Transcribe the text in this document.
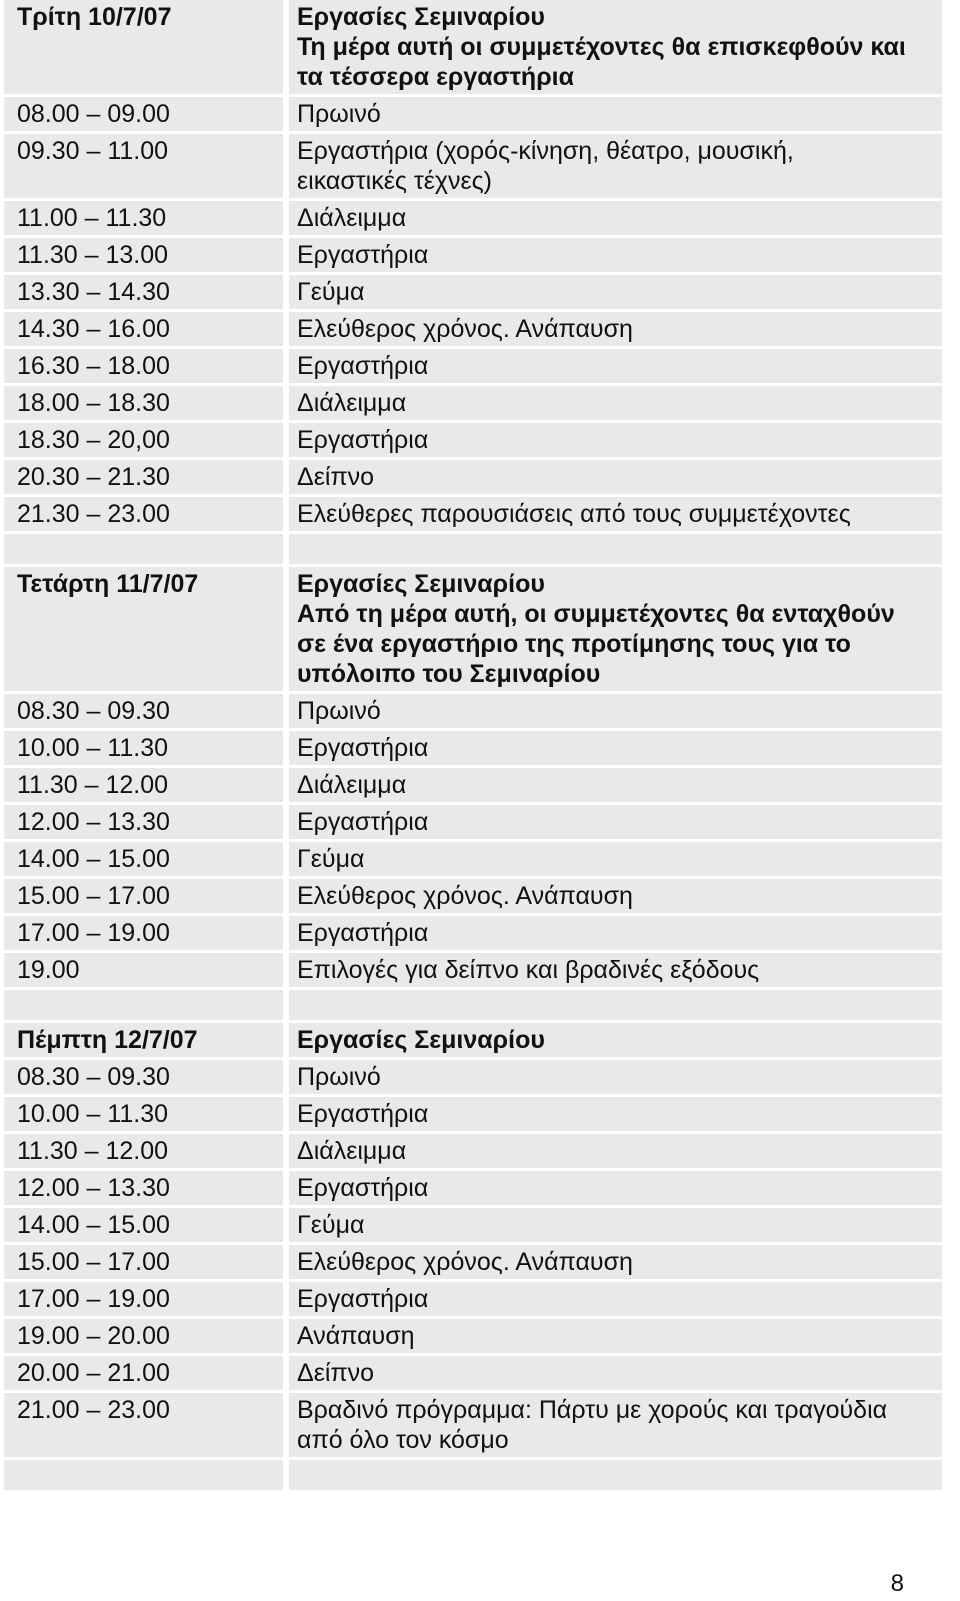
Τρίτη 10/7/07	Εργασίες Σεμιναρίου
Τη μέρα αυτή οι συμμετέχοντες θα επισκεφθούν και
τα τέσσερα εργαστήρια
08.00 – 09.00	Πρωινό
09.30 – 11.00	Εργαστήρια (χορός-κίνηση, θέατρο, μουσική,
εικαστικές τέχνες)
11.00 – 11.30	Διάλειμμα
11.30 – 13.00	Εργαστήρια
13.30 – 14.30	Γεύμα
14.30 – 16.00	Ελεύθερος χρόνος. Ανάπαυση
16.30 – 18.00	Εργαστήρια
18.00 – 18.30	Διάλειμμα
18.30 – 20,00	Εργαστήρια
20.30 – 21.30	Δείπνο
21.30 – 23.00	Ελεύθερες παρουσιάσεις από τους συμμετέχοντες
Τετάρτη 11/7/07	Εργασίες Σεμιναρίου
Από τη μέρα αυτή, οι συμμετέχοντες θα ενταχθούν
σε ένα εργαστήριο της προτίμησης τους για το
υπόλοιπο του Σεμιναρίου
08.30 – 09.30	Πρωινό
10.00 – 11.30	Εργαστήρια
11.30 – 12.00	Διάλειμμα
12.00 – 13.30	Εργαστήρια
14.00 – 15.00	Γεύμα
15.00 – 17.00	Ελεύθερος χρόνος. Ανάπαυση
17.00 – 19.00	Εργαστήρια
19.00	Επιλογές για δείπνο και βραδινές εξόδους
Πέμπτη 12/7/07	Εργασίες Σεμιναρίου
08.30 – 09.30	Πρωινό
10.00 – 11.30	Εργαστήρια
11.30 – 12.00	Διάλειμμα
12.00 – 13.30	Εργαστήρια
14.00 – 15.00	Γεύμα
15.00 – 17.00	Ελεύθερος χρόνος. Ανάπαυση
17.00 – 19.00	Εργαστήρια
19.00 – 20.00	Ανάπαυση
20.00 – 21.00	Δείπνο
21.00 – 23.00	Βραδινό πρόγραμμα: Πάρτυ με χορούς και τραγούδια
από όλο τον κόσμο
8
